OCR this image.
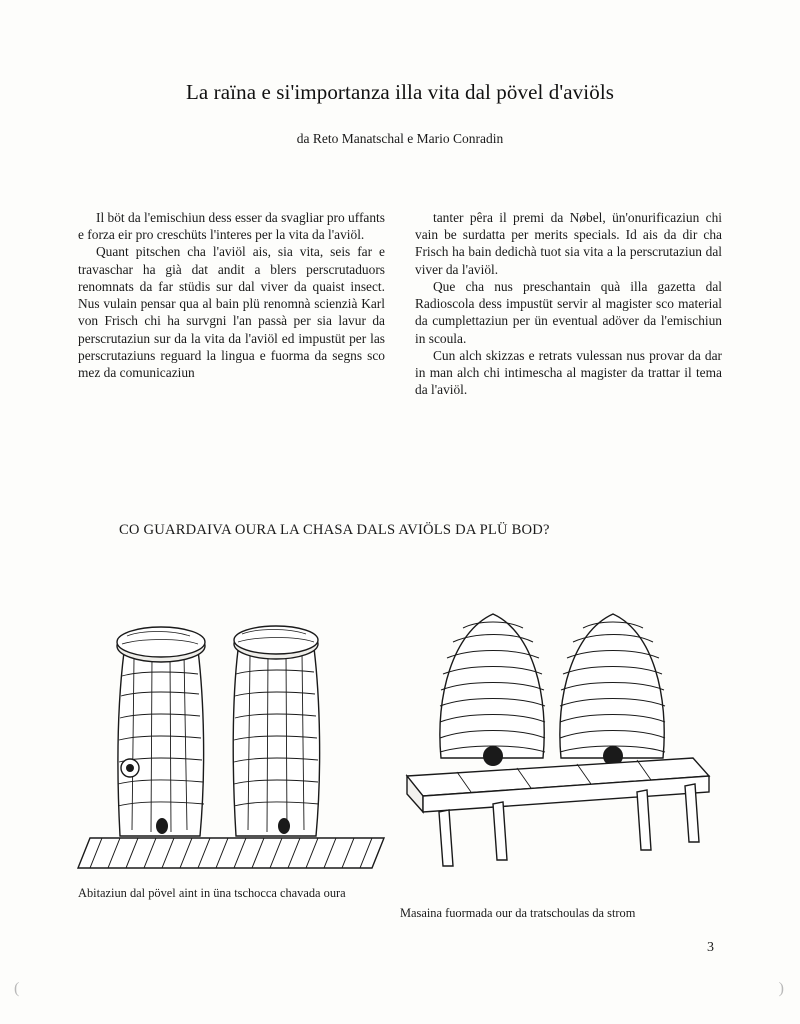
La raïna e si'importanza illa vita dal pövel d'aviöls
da Reto Manatschal e Mario Conradin

Il böt da l'emischiun dess esser da svagliar pro uffants e forza eir pro creschüts l'interes per la vita da l'aviöl.

Quant pitschen cha l'aviöl ais, sia vita, seis far e travaschar ha già dat andit a blers perscrutaduors renomnats da far stüdis sur dal viver da quaist insect. Nus vulain pensar qua al bain plü renomnà scienzià Karl von Frisch chi ha survgni l'an passà per sia lavur da perscrutaziun sur da la vita da l'aviöl ed impustüt per las perscrutaziuns reguard la lingua e fuorma da segns sco mez da comunicaziun

tanter pêra il premi da Nøbel, ün'onurificaziun chi vain be surdatta per merits specials. Id ais da dir cha Frisch ha bain dedichà tuot sia vita a la perscrutaziun dal viver da l'aviöl.

Que cha nus preschantain quà illa gazetta dal Radioscola dess impustüt servir al magister sco material da cumplettaziun per ün eventual adöver da l'emischiun in scoula.

Cun alch skizzas e retrats vulessan nus provar da dar in man alch chi intimescha al magister da trattar il tema da l'aviöl.

CO GUARDAIVA OURA LA CHASA DALS AVIÖLS DA PLÜ BOD?
Abitaziun dal pövel aint in üna tschocca chavada oura
Masaina fuormada our da tratschoulas da strom
3
(	)
